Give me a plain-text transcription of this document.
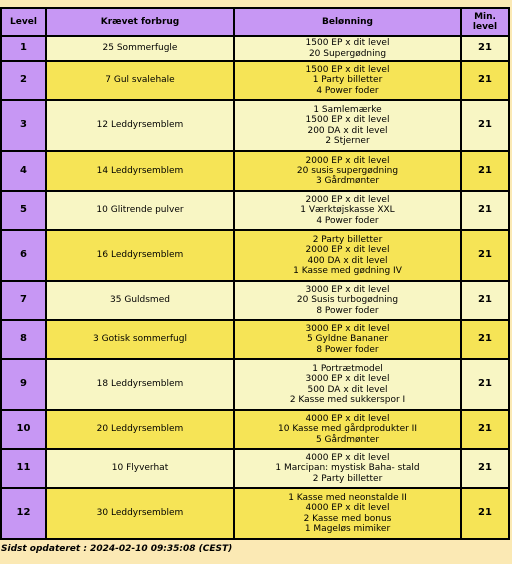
Level	Krævet forbrug	Belønning	Min. level
1	25 Sommerfugle	1500 EP x dit level
20 Supergødning	21
2	7 Gul svalehale	1500 EP x dit level
1 Party billetter
4 Power foder	21
3	12 Leddyrsemblem	1 Samlemærke
1500 EP x dit level
200 DA x dit level
2 Stjerner	21
4	14 Leddyrsemblem	2000 EP x dit level
20 susis supergødning
3 Gårdmønter	21
5	10 Glitrende pulver	2000 EP x dit level
1 Værktøjskasse XXL
4 Power foder	21
6	16 Leddyrsemblem	2 Party billetter
2000 EP x dit level
400 DA x dit level
1 Kasse med gødning IV	21
7	35 Guldsmed	3000 EP x dit level
20 Susis turbogødning
8 Power foder	21
8	3 Gotisk sommerfugl	3000 EP x dit level
5 Gyldne Bananer
8 Power foder	21
9	18 Leddyrsemblem	1 Portrætmodel
3000 EP x dit level
500 DA x dit level
2 Kasse med sukkerspor I	21
10	20 Leddyrsemblem	4000 EP x dit level
10 Kasse med gårdprodukter II
5 Gårdmønter	21
11	10 Flyverhat	4000 EP x dit level
1 Marcipan: mystisk Baha- stald
2 Party billetter	21
12	30 Leddyrsemblem	1 Kasse med neonstalde II
4000 EP x dit level
2 Kasse med bonus
1 Mageløs mimiker	21
Sidst opdateret : 2024-02-10 09:35:08 (CEST)
